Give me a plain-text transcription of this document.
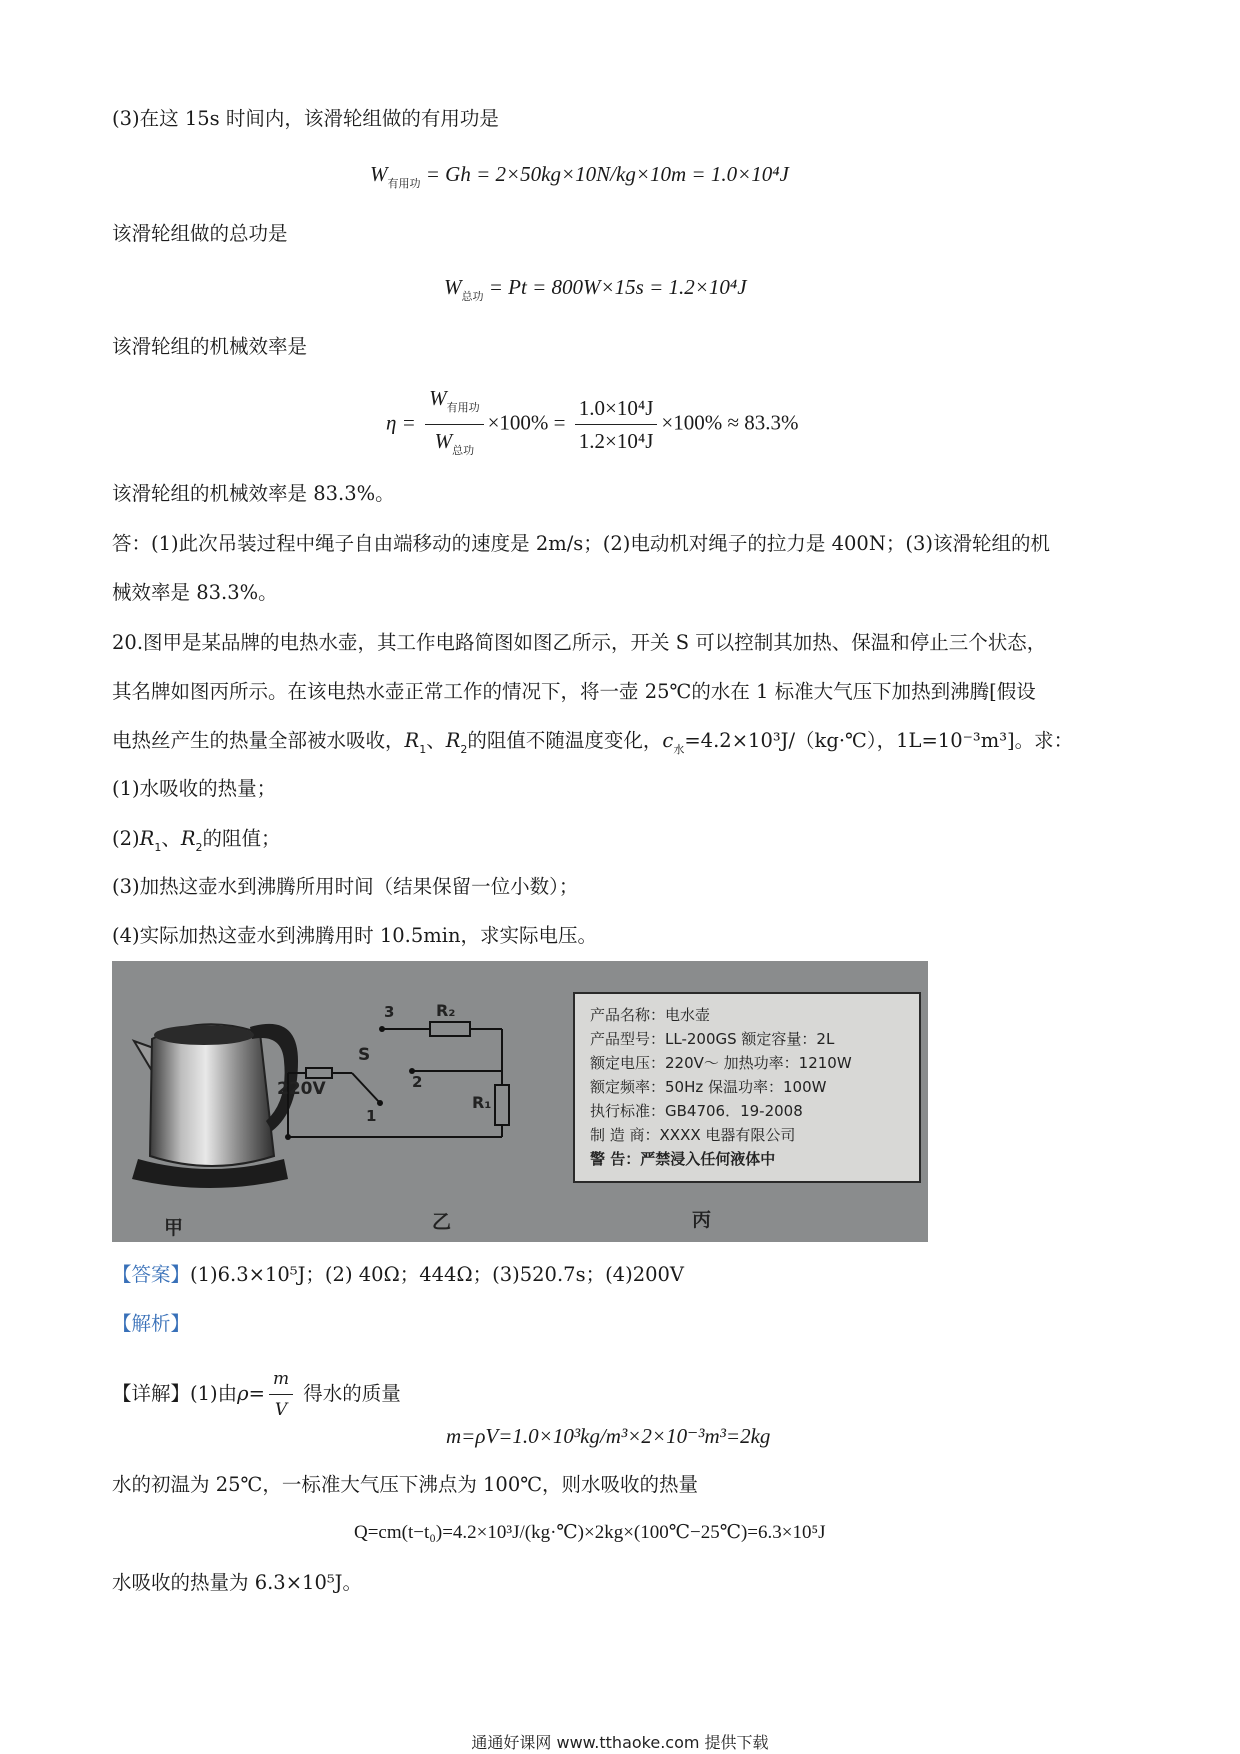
(3)在这 15s 时间内，该滑轮组做的有用功是
$W_{有用功} = Gh = 2\times 50kg\times 10N/kg\times 10m = 1.0\times 10^4J$
该滑轮组做的总功是
$W_{总功} = Pt = 800W\times 15s = 1.2\times 10^4J$
该滑轮组的机械效率是
$\eta = \frac{W_{有用功}}{W_{总功}} \times 100\% = \frac{\text{1.0×10⁴J}}{\text{1.2×10⁴J}} \times 100\% \approx 83.3\%$
该滑轮组的机械效率是 83.3%。
答：(1)此次吊装过程中绳子自由端移动的速度是 2m/s；(2)电动机对绳子的拉力是 400N；(3)该滑轮组的机
械效率是 83.3%。
20.图甲是某品牌的电热水壶，其工作电路简图如图乙所示，开关 S 可以控制其加热、保温和停止三个状态，
其名牌如图丙所示。在该电热水壶正常工作的情况下，将一壶 25℃的水在 1 标准大气压下加热到沸腾[假设
电热丝产生的热量全部被水吸收，$R_1$、$R_2$的阻值不随温度变化，$c_水=4.2\times 10^3J/(kg\cdot℃)$，1L=10⁻³m³]。求：
(1)水吸收的热量；
$(2)R_1$、$R_2$的阻值；
(3)加热这壶水到沸腾所用时间（结果保留一位小数）；
(4)实际加热这壶水到沸腾用时 10.5min，求实际电压。
220V
S
3
2
1
R₂
R₁
产品名称：电水壶
产品型号：LL-200GS 额定容量：2L
额定电压：220V～ 加热功率：1210W
额定频率：50Hz 保温功率：100W
执行标准：GB4706．19-2008
制 造 商：XXXX 电器有限公司
警 告：严禁浸入任何液体中
甲	乙	丙
【答案】(1)6.3×10⁵J；(2) 40Ω；444Ω；(3)520.7s；(4)200V
【解析】
【详解】(1)由$\rho= \frac{m}{V}$ 得水的质量
m=ρV=1.0×10³kg/m³×2×10⁻³m³=2kg
水的初温为 25℃，一标准大气压下沸点为 100℃，则水吸收的热量
Q=cm(t−t₀)=4.2×10³J/(kg·℃)×2kg×(100℃−25℃)=6.3×10⁵J
水吸收的热量为 6.3×10⁵J。
通通好课网 www.tthaoke.com 提供下载
